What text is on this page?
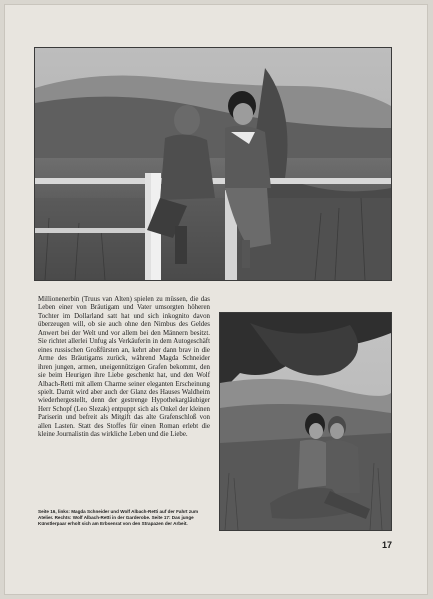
Millionenerbin (Truus van Alten) spielen zu müssen, die das Leben einer von Bräutigam und Vater umsorgten höheren Tochter im Dollarland satt hat und sich inkognito davon überzeugen will, ob sie auch ohne den Nimbus des Geldes Anwert bei der Welt und vor allem bei den Männern besitzt. Sie richtet allerlei Unfug als Verkäuferin in dem Autogeschäft eines russischen Großfürsten an, kehrt aber dann brav in die Arme des Bräutigams zurück, während Magda Schneider ihren jungen, armen, uneigennützigen Grafen bekommt, den sie beim Heurigen ihre Liebe geschenkt hat, und den Wolf Albach-Retti mit allem Charme seiner eleganten Erscheinung spielt. Damit wird aber auch der Glanz des Hauses Waldheim wiederhergestellt, denn der gestrenge Hypothekargläubiger Herr Schopf (Leo Slezak) entpuppt sich als Onkel der kleinen Pariserin und befreit als Mitgift das alte Grafenschloß von allen Lasten. Statt des Stoffes für einen Roman erlebt die kleine Journalistin das wirkliche Leben und die Liebe.
Seite 16, links: Magda Schneider und Wolf Albach-Retti auf der Fahrt zum Atelier. Rechts: Wolf Albach-Retti in der Garderobe. Seite 17: Das junge Künstlerpaar erholt sich am Erbsenrat von den Strapazen der Arbeit.
17
